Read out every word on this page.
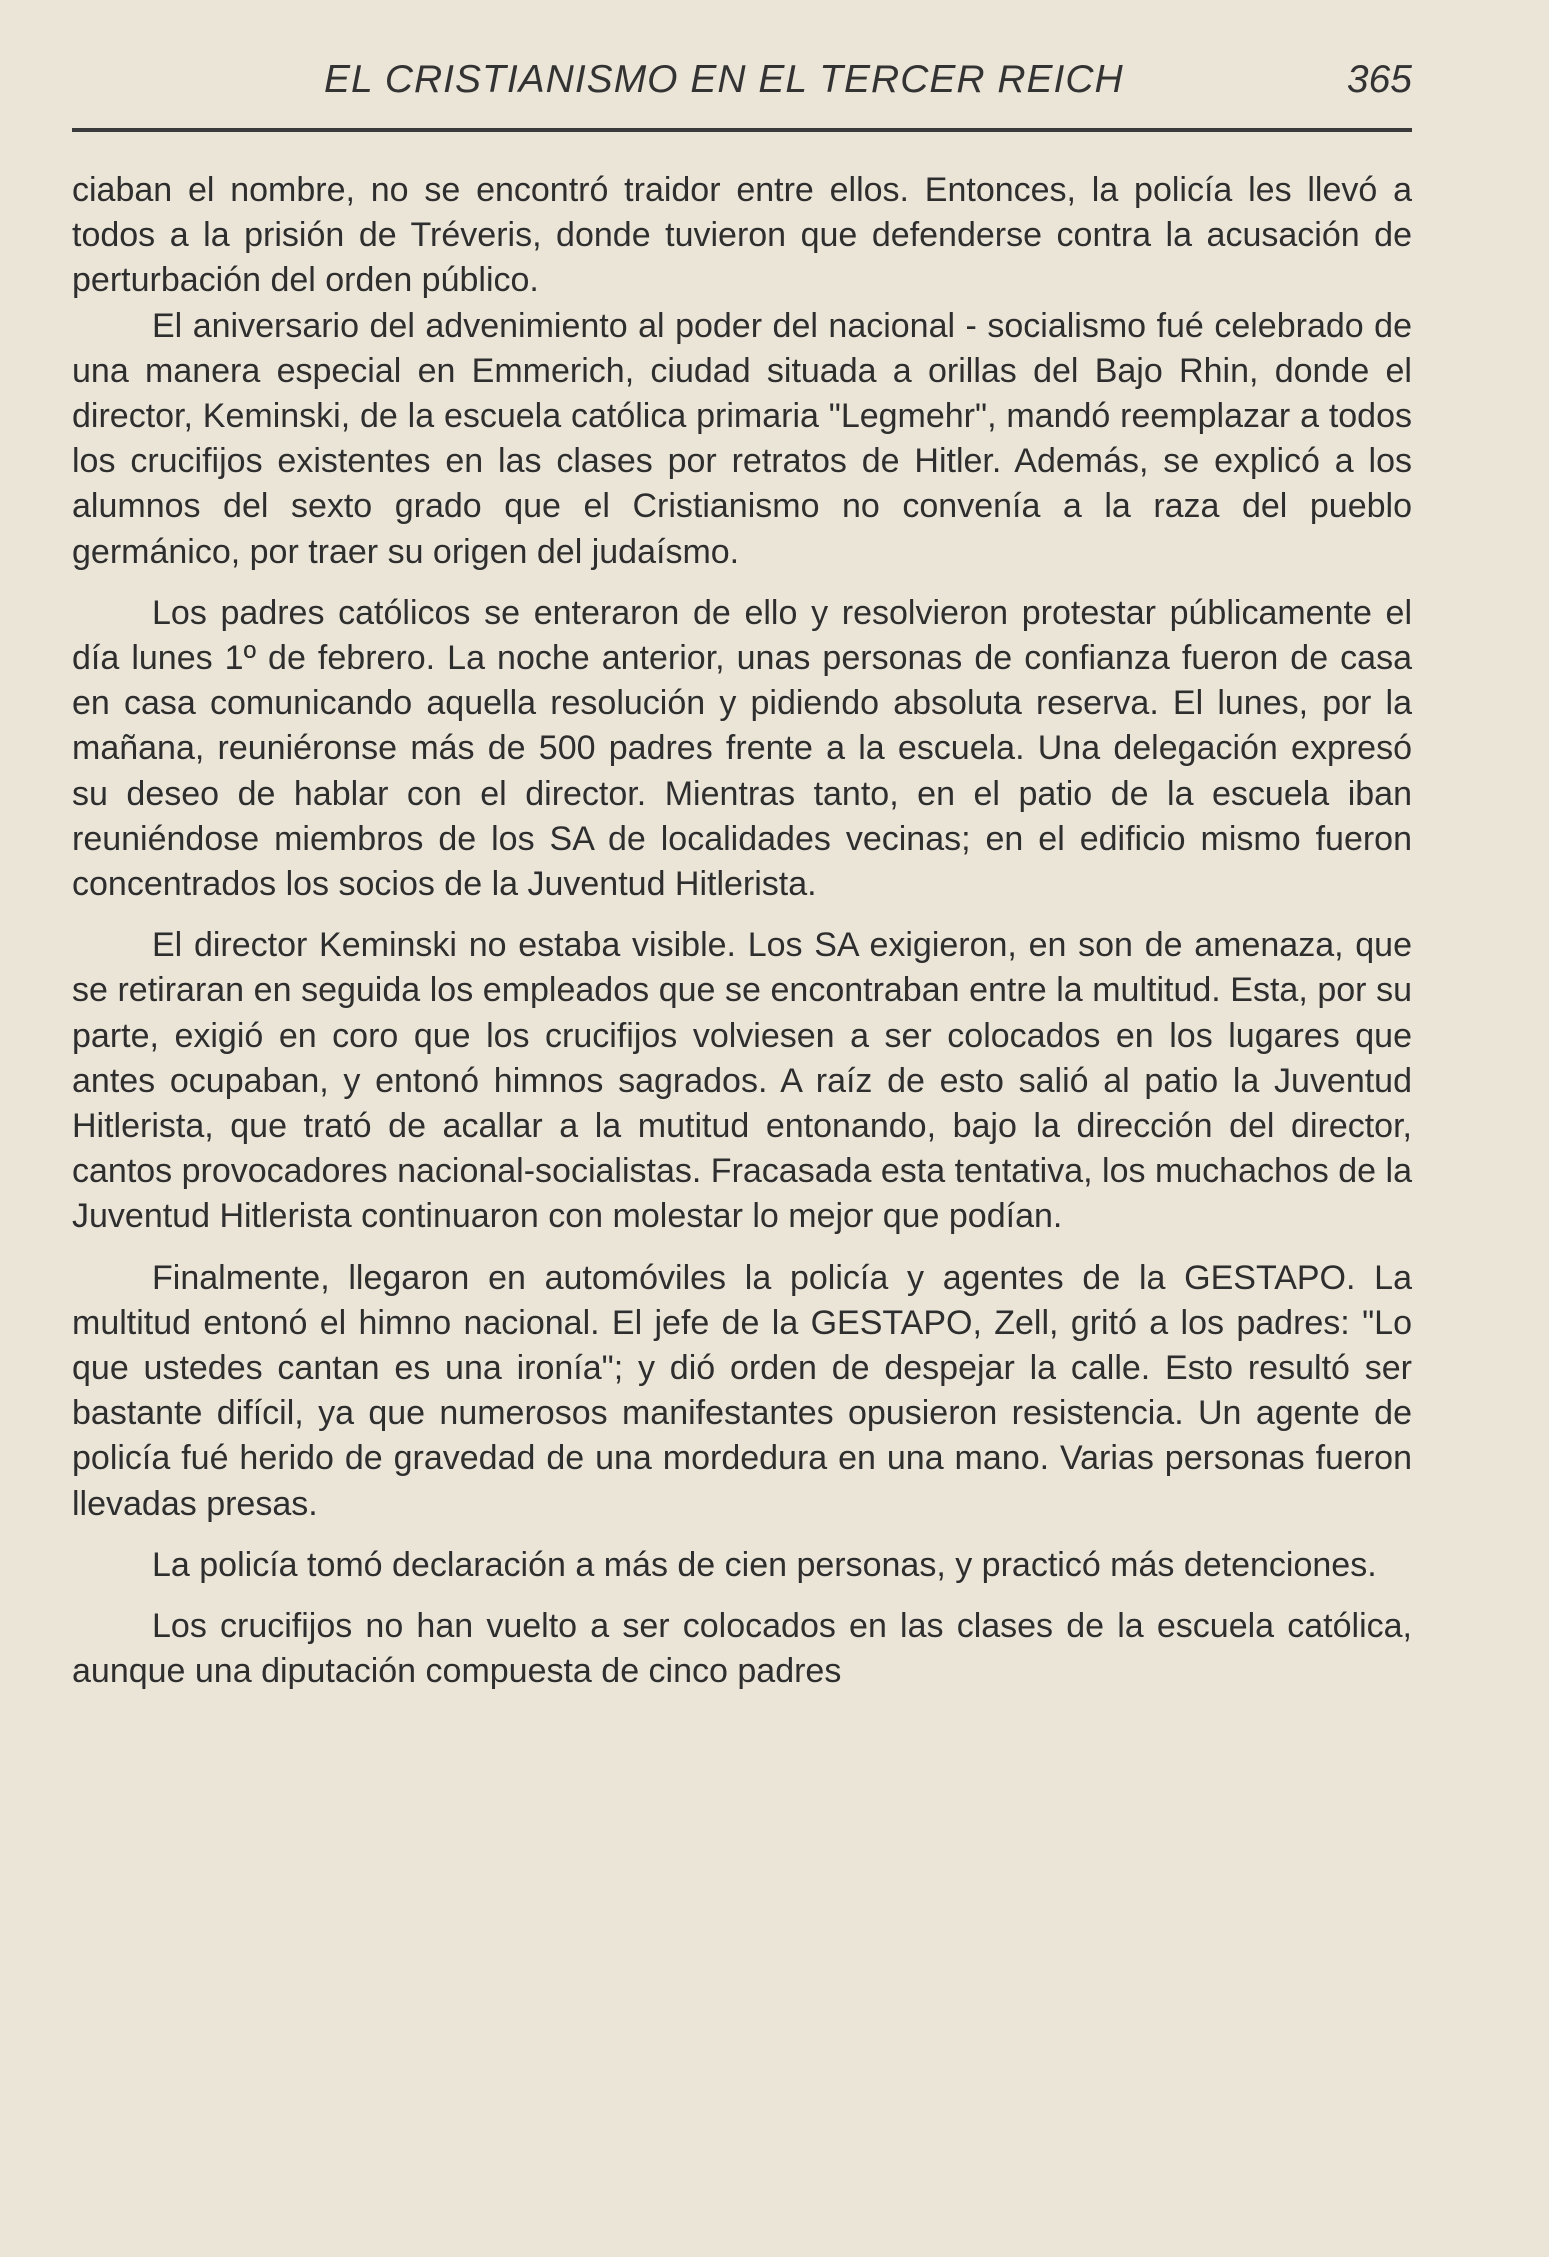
EL CRISTIANISMO EN EL TERCER REICH	365

ciaban el nombre, no se encontró traidor entre ellos. Entonces, la policía les llevó a todos a la prisión de Tréveris, donde tuvieron que defenderse contra la acusación de perturbación del orden público.

El aniversario del advenimiento al poder del nacional - socialismo fué celebrado de una manera especial en Emmerich, ciudad situada a orillas del Bajo Rhin, donde el director, Keminski, de la escuela católica primaria "Legmehr", mandó reemplazar a todos los crucifijos existentes en las clases por retratos de Hitler. Además, se explicó a los alumnos del sexto grado que el Cristianismo no convenía a la raza del pueblo germánico, por traer su origen del judaísmo.

Los padres católicos se enteraron de ello y resolvieron protestar públicamente el día lunes 1º de febrero. La noche anterior, unas personas de confianza fueron de casa en casa comunicando aquella resolución y pidiendo absoluta reserva. El lunes, por la mañana, reuniéronse más de 500 padres frente a la escuela. Una delegación expresó su deseo de hablar con el director. Mientras tanto, en el patio de la escuela iban reuniéndose miembros de los SA de localidades vecinas; en el edificio mismo fueron concentrados los socios de la Juventud Hitlerista.

El director Keminski no estaba visible. Los SA exigieron, en son de amenaza, que se retiraran en seguida los empleados que se encontraban entre la multitud. Esta, por su parte, exigió en coro que los crucifijos volviesen a ser colocados en los lugares que antes ocupaban, y entonó himnos sagrados. A raíz de esto salió al patio la Juventud Hitlerista, que trató de acallar a la mutitud entonando, bajo la dirección del director, cantos provocadores nacional-socialistas. Fracasada esta tentativa, los muchachos de la Juventud Hitlerista continuaron con molestar lo mejor que podían.

Finalmente, llegaron en automóviles la policía y agentes de la GESTAPO. La multitud entonó el himno nacional. El jefe de la GESTAPO, Zell, gritó a los padres: "Lo que ustedes cantan es una ironía"; y dió orden de despejar la calle. Esto resultó ser bastante difícil, ya que numerosos manifestantes opusieron resistencia. Un agente de policía fué herido de gravedad de una mordedura en una mano. Varias personas fueron llevadas presas.

La policía tomó declaración a más de cien personas, y practicó más detenciones.

Los crucifijos no han vuelto a ser colocados en las clases de la escuela católica, aunque una diputación compuesta de cinco padres
